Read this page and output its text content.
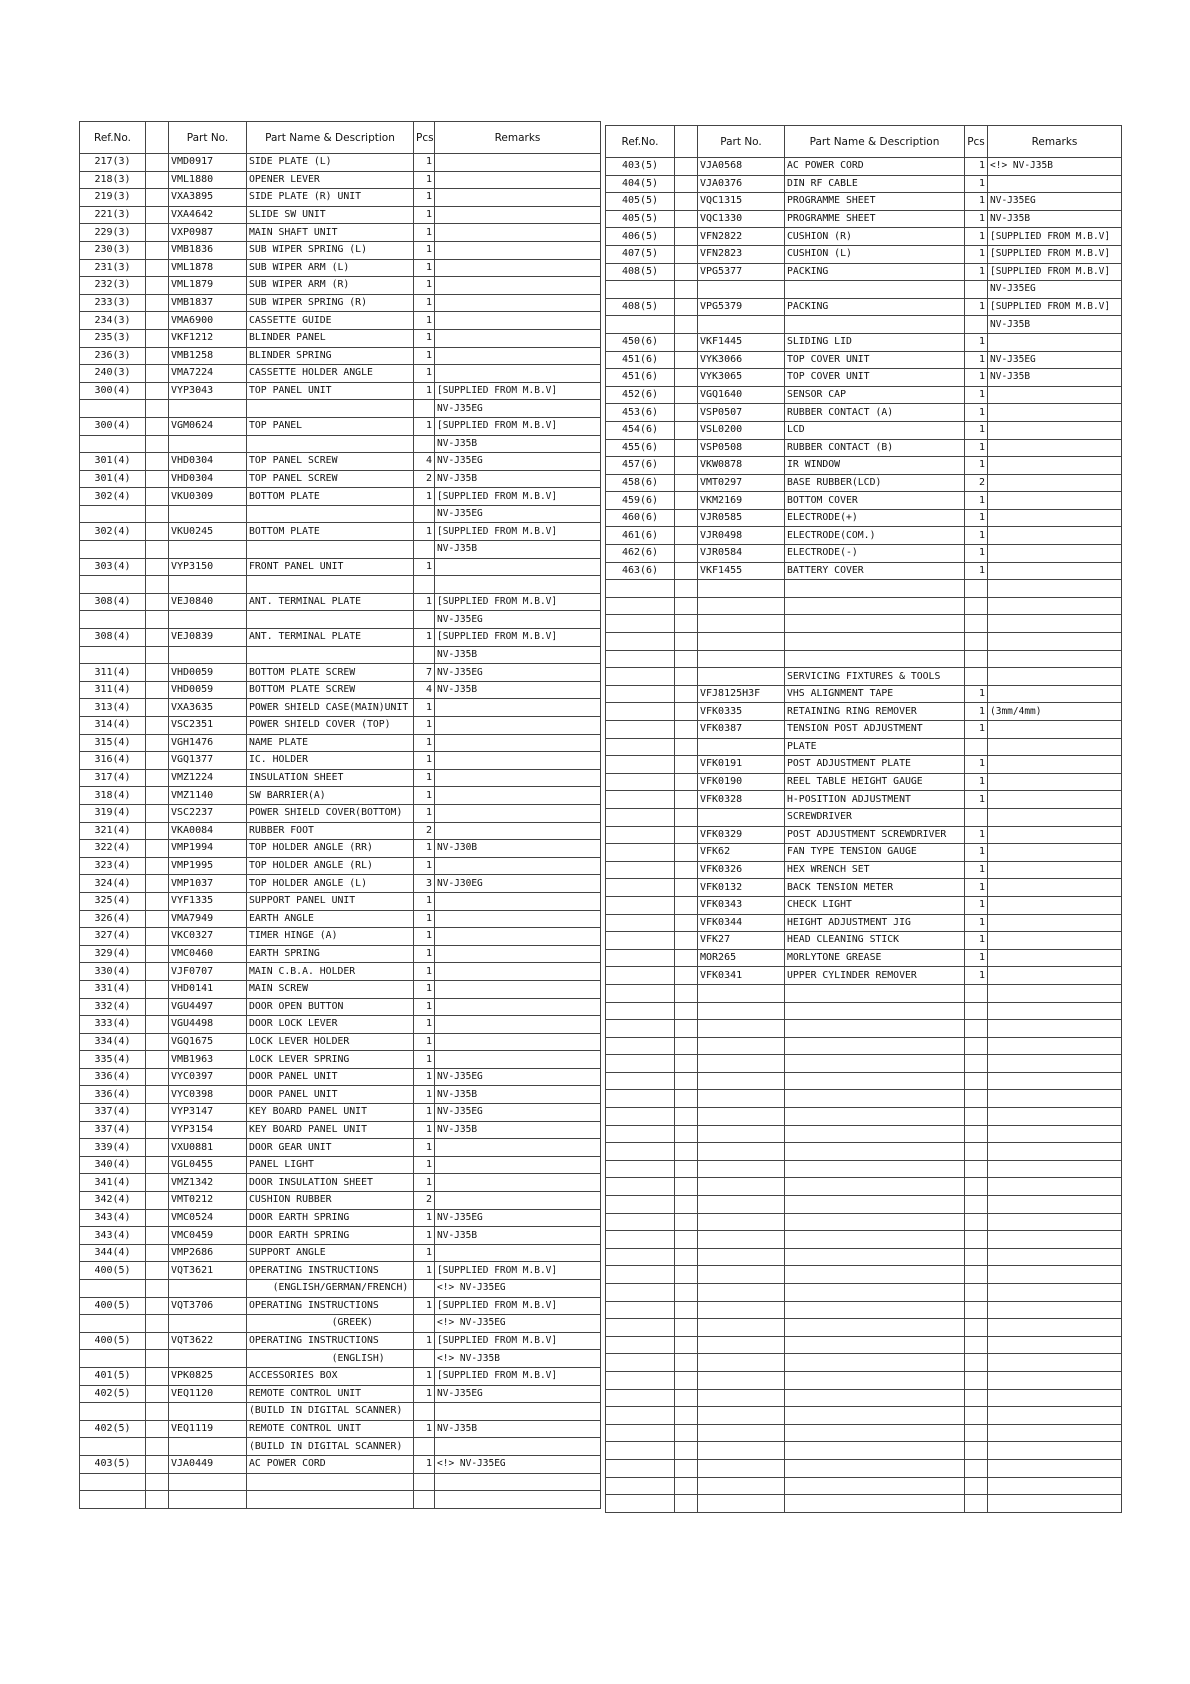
Ref.No.		Part No.	Part Name & Description	Pcs	Remarks
217(3)		VMD0917	SIDE PLATE (L)	1	
218(3)		VML1880	OPENER LEVER	1	
219(3)		VXA3895	SIDE PLATE (R) UNIT	1	
221(3)		VXA4642	SLIDE SW UNIT	1	
229(3)		VXP0987	MAIN SHAFT UNIT	1	
230(3)		VMB1836	SUB WIPER SPRING (L)	1	
231(3)		VML1878	SUB WIPER ARM (L)	1	
232(3)		VML1879	SUB WIPER ARM (R)	1	
233(3)		VMB1837	SUB WIPER SPRING (R)	1	
234(3)		VMA6900	CASSETTE GUIDE	1	
235(3)		VKF1212	BLINDER PANEL	1	
236(3)		VMB1258	BLINDER SPRING	1	
240(3)		VMA7224	CASSETTE HOLDER ANGLE	1	
300(4)		VYP3043	TOP PANEL UNIT	1	[SUPPLIED FROM M.B.V]
					NV-J35EG
300(4)		VGM0624	TOP PANEL	1	[SUPPLIED FROM M.B.V]
					NV-J35B
301(4)		VHD0304	TOP PANEL SCREW	4	NV-J35EG
301(4)		VHD0304	TOP PANEL SCREW	2	NV-J35B
302(4)		VKU0309	BOTTOM PLATE	1	[SUPPLIED FROM M.B.V]
					NV-J35EG
302(4)		VKU0245	BOTTOM PLATE	1	[SUPPLIED FROM M.B.V]
					NV-J35B
303(4)		VYP3150	FRONT PANEL UNIT	1	

308(4)		VEJ0840	ANT. TERMINAL PLATE	1	[SUPPLIED FROM M.B.V]
					NV-J35EG
308(4)		VEJ0839	ANT. TERMINAL PLATE	1	[SUPPLIED FROM M.B.V]
					NV-J35B
311(4)		VHD0059	BOTTOM PLATE SCREW	7	NV-J35EG
311(4)		VHD0059	BOTTOM PLATE SCREW	4	NV-J35B
313(4)		VXA3635	POWER SHIELD CASE(MAIN)UNIT	1	
314(4)		VSC2351	POWER SHIELD COVER (TOP)	1	
315(4)		VGH1476	NAME PLATE	1	
316(4)		VGQ1377	IC. HOLDER	1	
317(4)		VMZ1224	INSULATION SHEET	1	
318(4)		VMZ1140	SW BARRIER(A)	1	
319(4)		VSC2237	POWER SHIELD COVER(BOTTOM)	1	
321(4)		VKA0084	RUBBER FOOT	2	
322(4)		VMP1994	TOP HOLDER ANGLE (RR)	1	NV-J30B
323(4)		VMP1995	TOP HOLDER ANGLE (RL)	1	
324(4)		VMP1037	TOP HOLDER ANGLE (L)	3	NV-J30EG
325(4)		VYF1335	SUPPORT PANEL UNIT	1	
326(4)		VMA7949	EARTH ANGLE	1	
327(4)		VKC0327	TIMER HINGE (A)	1	
329(4)		VMC0460	EARTH SPRING	1	
330(4)		VJF0707	MAIN C.B.A. HOLDER	1	
331(4)		VHD0141	MAIN SCREW	1	
332(4)		VGU4497	DOOR OPEN BUTTON	1	
333(4)		VGU4498	DOOR LOCK LEVER	1	
334(4)		VGQ1675	LOCK LEVER HOLDER	1	
335(4)		VMB1963	LOCK LEVER SPRING	1	
336(4)		VYC0397	DOOR PANEL UNIT	1	NV-J35EG
336(4)		VYC0398	DOOR PANEL UNIT	1	NV-J35B
337(4)		VYP3147	KEY BOARD PANEL UNIT	1	NV-J35EG
337(4)		VYP3154	KEY BOARD PANEL UNIT	1	NV-J35B
339(4)		VXU0881	DOOR GEAR UNIT	1	
340(4)		VGL0455	PANEL LIGHT	1	
341(4)		VMZ1342	DOOR INSULATION SHEET	1	
342(4)		VMT0212	CUSHION RUBBER	2	
343(4)		VMC0524	DOOR EARTH SPRING	1	NV-J35EG
343(4)		VMC0459	DOOR EARTH SPRING	1	NV-J35B
344(4)		VMP2686	SUPPORT ANGLE	1	
400(5)		VQT3621	OPERATING INSTRUCTIONS	1	[SUPPLIED FROM M.B.V]
			(ENGLISH/GERMAN/FRENCH)		<!> NV-J35EG
400(5)		VQT3706	OPERATING INSTRUCTIONS	1	[SUPPLIED FROM M.B.V]
			(GREEK)		<!> NV-J35EG
400(5)		VQT3622	OPERATING INSTRUCTIONS	1	[SUPPLIED FROM M.B.V]
			(ENGLISH)		<!> NV-J35B
401(5)		VPK0825	ACCESSORIES BOX	1	[SUPPLIED FROM M.B.V]
402(5)		VEQ1120	REMOTE CONTROL UNIT	1	NV-J35EG
			(BUILD IN DIGITAL SCANNER)		
402(5)		VEQ1119	REMOTE CONTROL UNIT	1	NV-J35B
			(BUILD IN DIGITAL SCANNER)		
403(5)		VJA0449	AC POWER CORD	1	<!> NV-J35EG

Ref.No.		Part No.	Part Name & Description	Pcs	Remarks
403(5)		VJA0568	AC POWER CORD	1	<!> NV-J35B
404(5)		VJA0376	DIN RF CABLE	1	
405(5)		VQC1315	PROGRAMME SHEET	1	NV-J35EG
405(5)		VQC1330	PROGRAMME SHEET	1	NV-J35B
406(5)		VFN2822	CUSHION (R)	1	[SUPPLIED FROM M.B.V]
407(5)		VFN2823	CUSHION (L)	1	[SUPPLIED FROM M.B.V]
408(5)		VPG5377	PACKING	1	[SUPPLIED FROM M.B.V]
					NV-J35EG
408(5)		VPG5379	PACKING	1	[SUPPLIED FROM M.B.V]
					NV-J35B
450(6)		VKF1445	SLIDING LID	1	
451(6)		VYK3066	TOP COVER UNIT	1	NV-J35EG
451(6)		VYK3065	TOP COVER UNIT	1	NV-J35B
452(6)		VGQ1640	SENSOR CAP	1	
453(6)		VSP0507	RUBBER CONTACT (A)	1	
454(6)		VSL0200	LCD	1	
455(6)		VSP0508	RUBBER CONTACT (B)	1	
457(6)		VKW0878	IR WINDOW	1	
458(6)		VMT0297	BASE RUBBER(LCD)	2	
459(6)		VKM2169	BOTTOM COVER	1	
460(6)		VJR0585	ELECTRODE(+)	1	
461(6)		VJR0498	ELECTRODE(COM.)	1	
462(6)		VJR0584	ELECTRODE(-)	1	
463(6)		VKF1455	BATTERY COVER	1	

			SERVICING FIXTURES & TOOLS		
		VFJ8125H3F	VHS ALIGNMENT TAPE	1	
		VFK0335	RETAINING RING REMOVER	1	(3mm/4mm)
		VFK0387	TENSION POST ADJUSTMENT	1	
			PLATE		
		VFK0191	POST ADJUSTMENT PLATE	1	
		VFK0190	REEL TABLE HEIGHT GAUGE	1	
		VFK0328	H-POSITION ADJUSTMENT	1	
			SCREWDRIVER		
		VFK0329	POST ADJUSTMENT SCREWDRIVER	1	
		VFK62	FAN TYPE TENSION GAUGE	1	
		VFK0326	HEX WRENCH SET	1	
		VFK0132	BACK TENSION METER	1	
		VFK0343	CHECK LIGHT	1	
		VFK0344	HEIGHT ADJUSTMENT JIG	1	
		VFK27	HEAD CLEANING STICK	1	
		MOR265	MORLYTONE GREASE	1	
		VFK0341	UPPER CYLINDER REMOVER	1	
